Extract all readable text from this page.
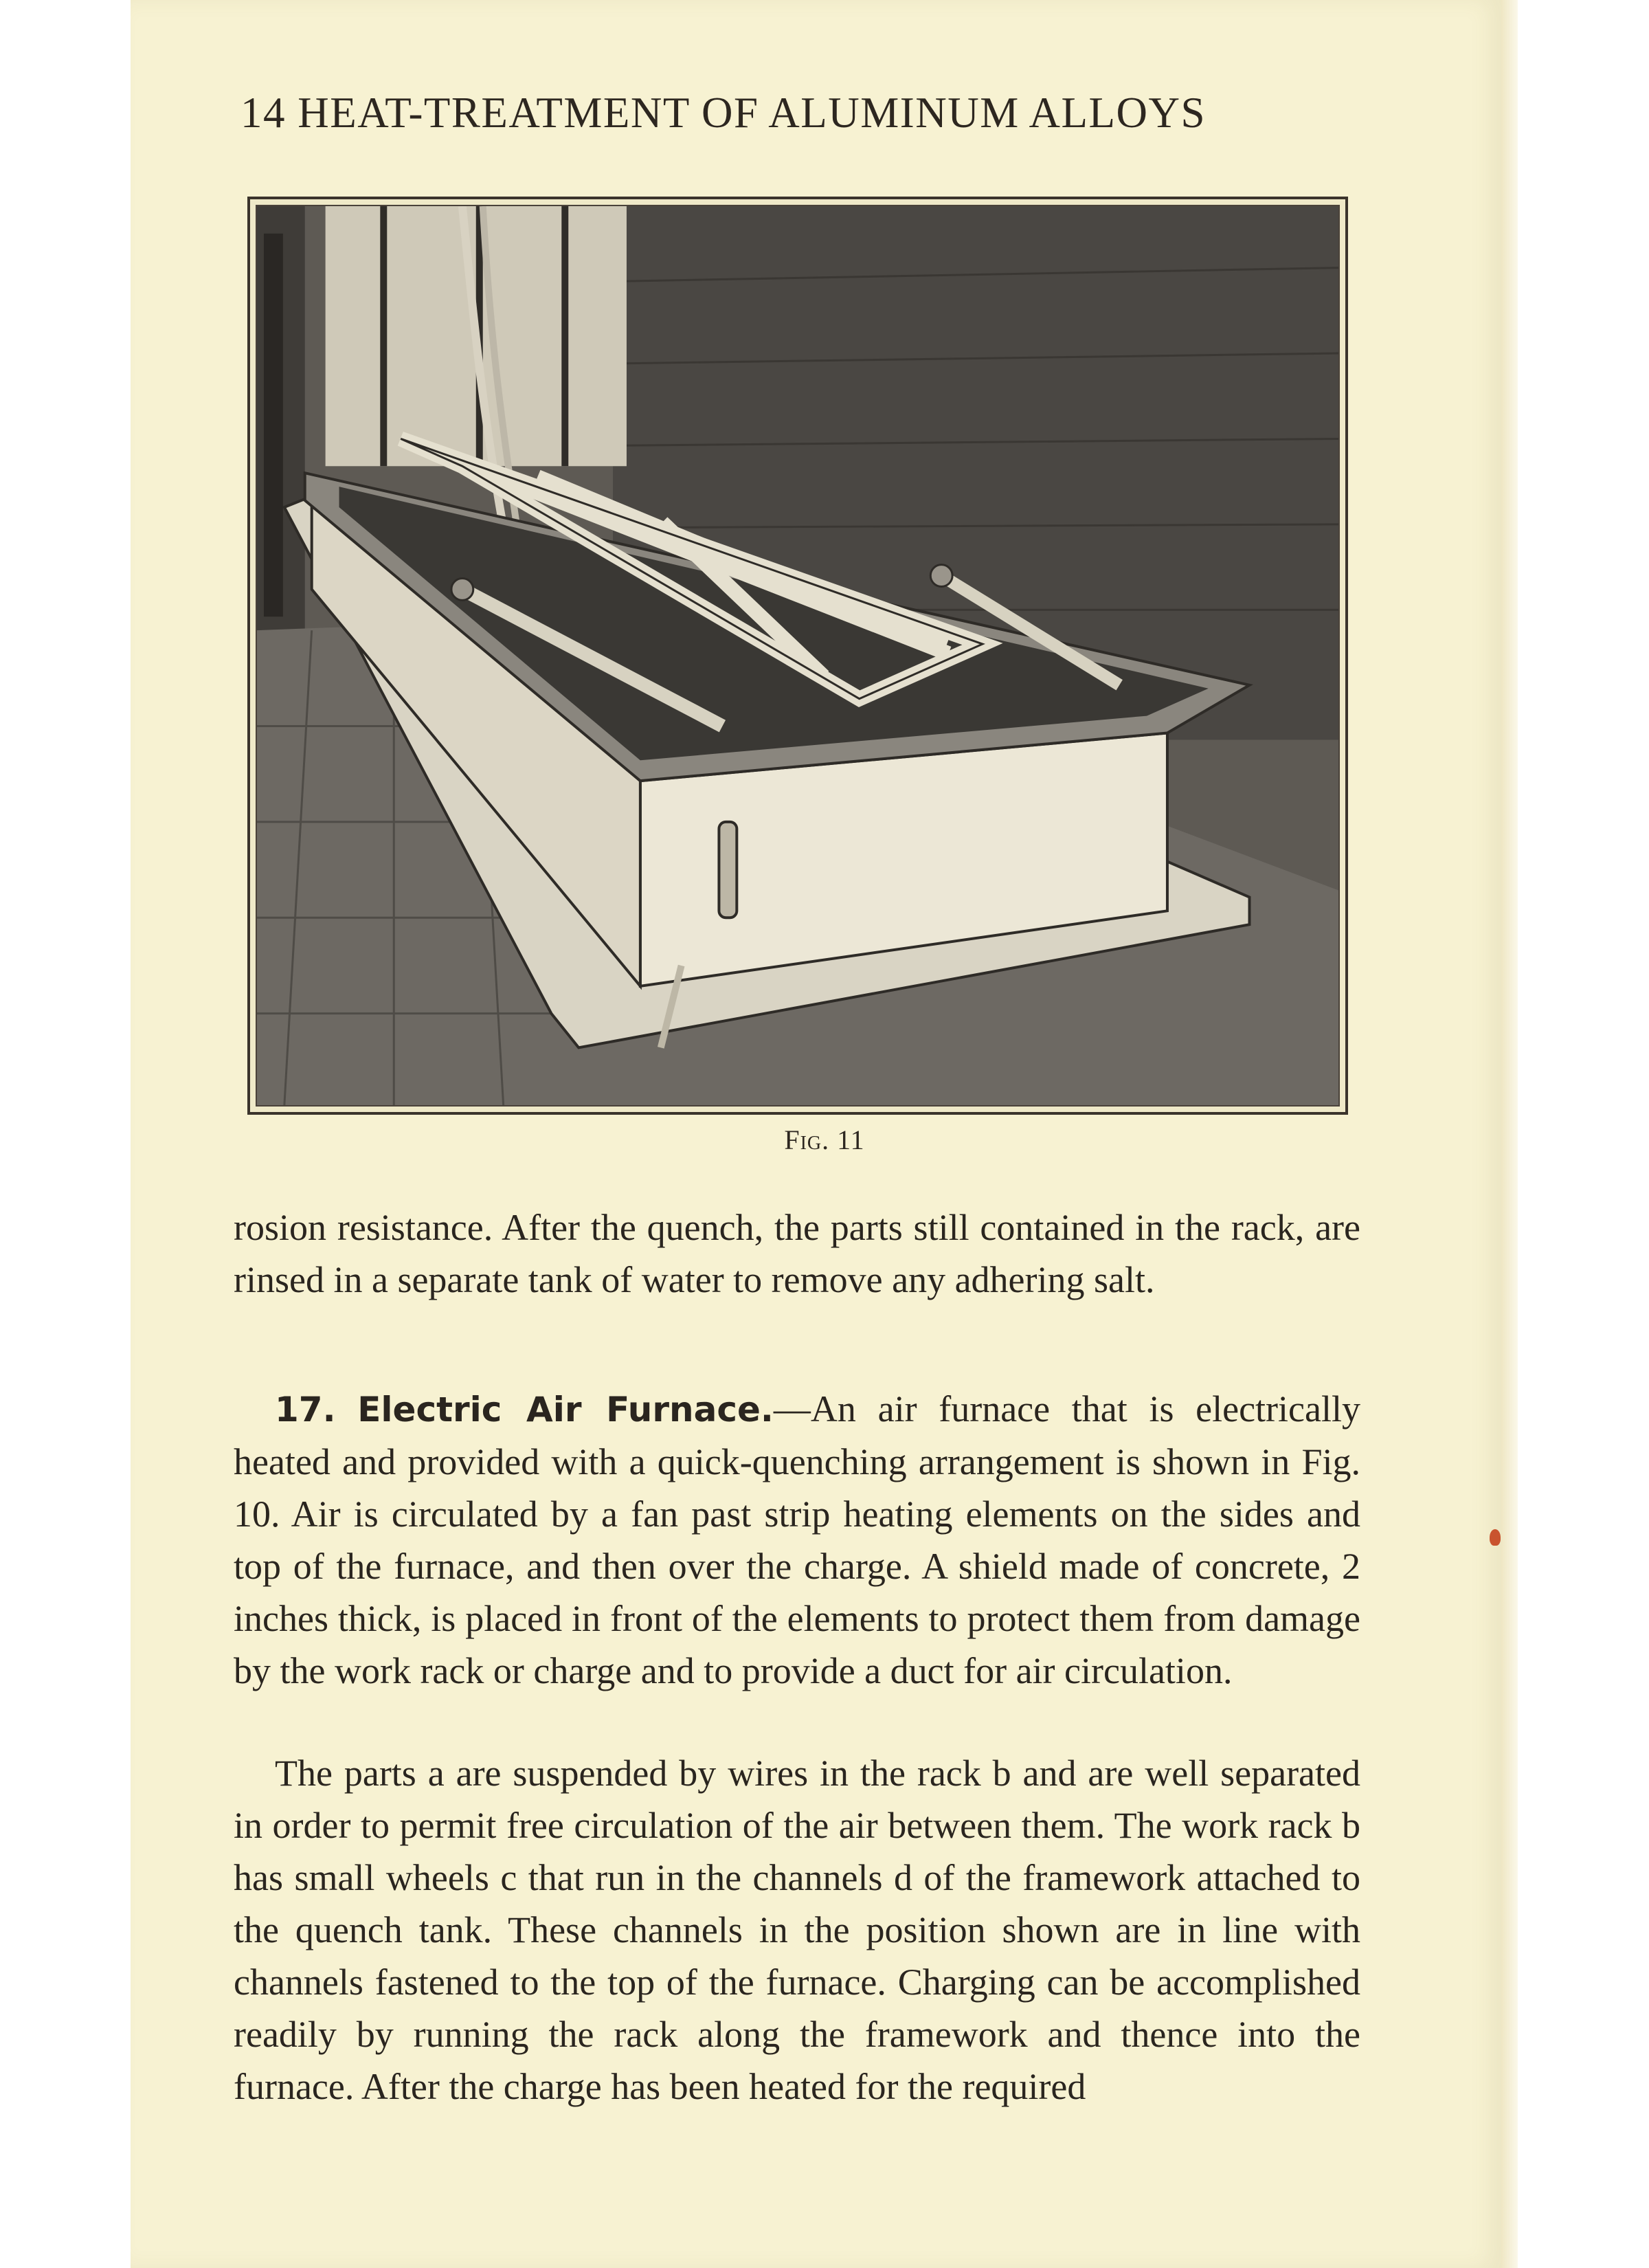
14 HEAT-TREATMENT OF ALUMINUM ALLOYS
Fig. 11
rosion resistance. After the quench, the parts still contained in the rack, are rinsed in a separate tank of water to remove any adhering salt.
17. Electric Air Furnace.—An air furnace that is electrically heated and provided with a quick-quenching arrangement is shown in Fig. 10. Air is circulated by a fan past strip heating elements on the sides and top of the furnace, and then over the charge. A shield made of concrete, 2 inches thick, is placed in front of the elements to protect them from damage by the work rack or charge and to provide a duct for air circulation.
The parts a are suspended by wires in the rack b and are well separated in order to permit free circulation of the air between them. The work rack b has small wheels c that run in the channels d of the framework attached to the quench tank. These channels in the position shown are in line with channels fastened to the top of the furnace. Charging can be accomplished readily by running the rack along the framework and thence into the furnace. After the charge has been heated for the required
